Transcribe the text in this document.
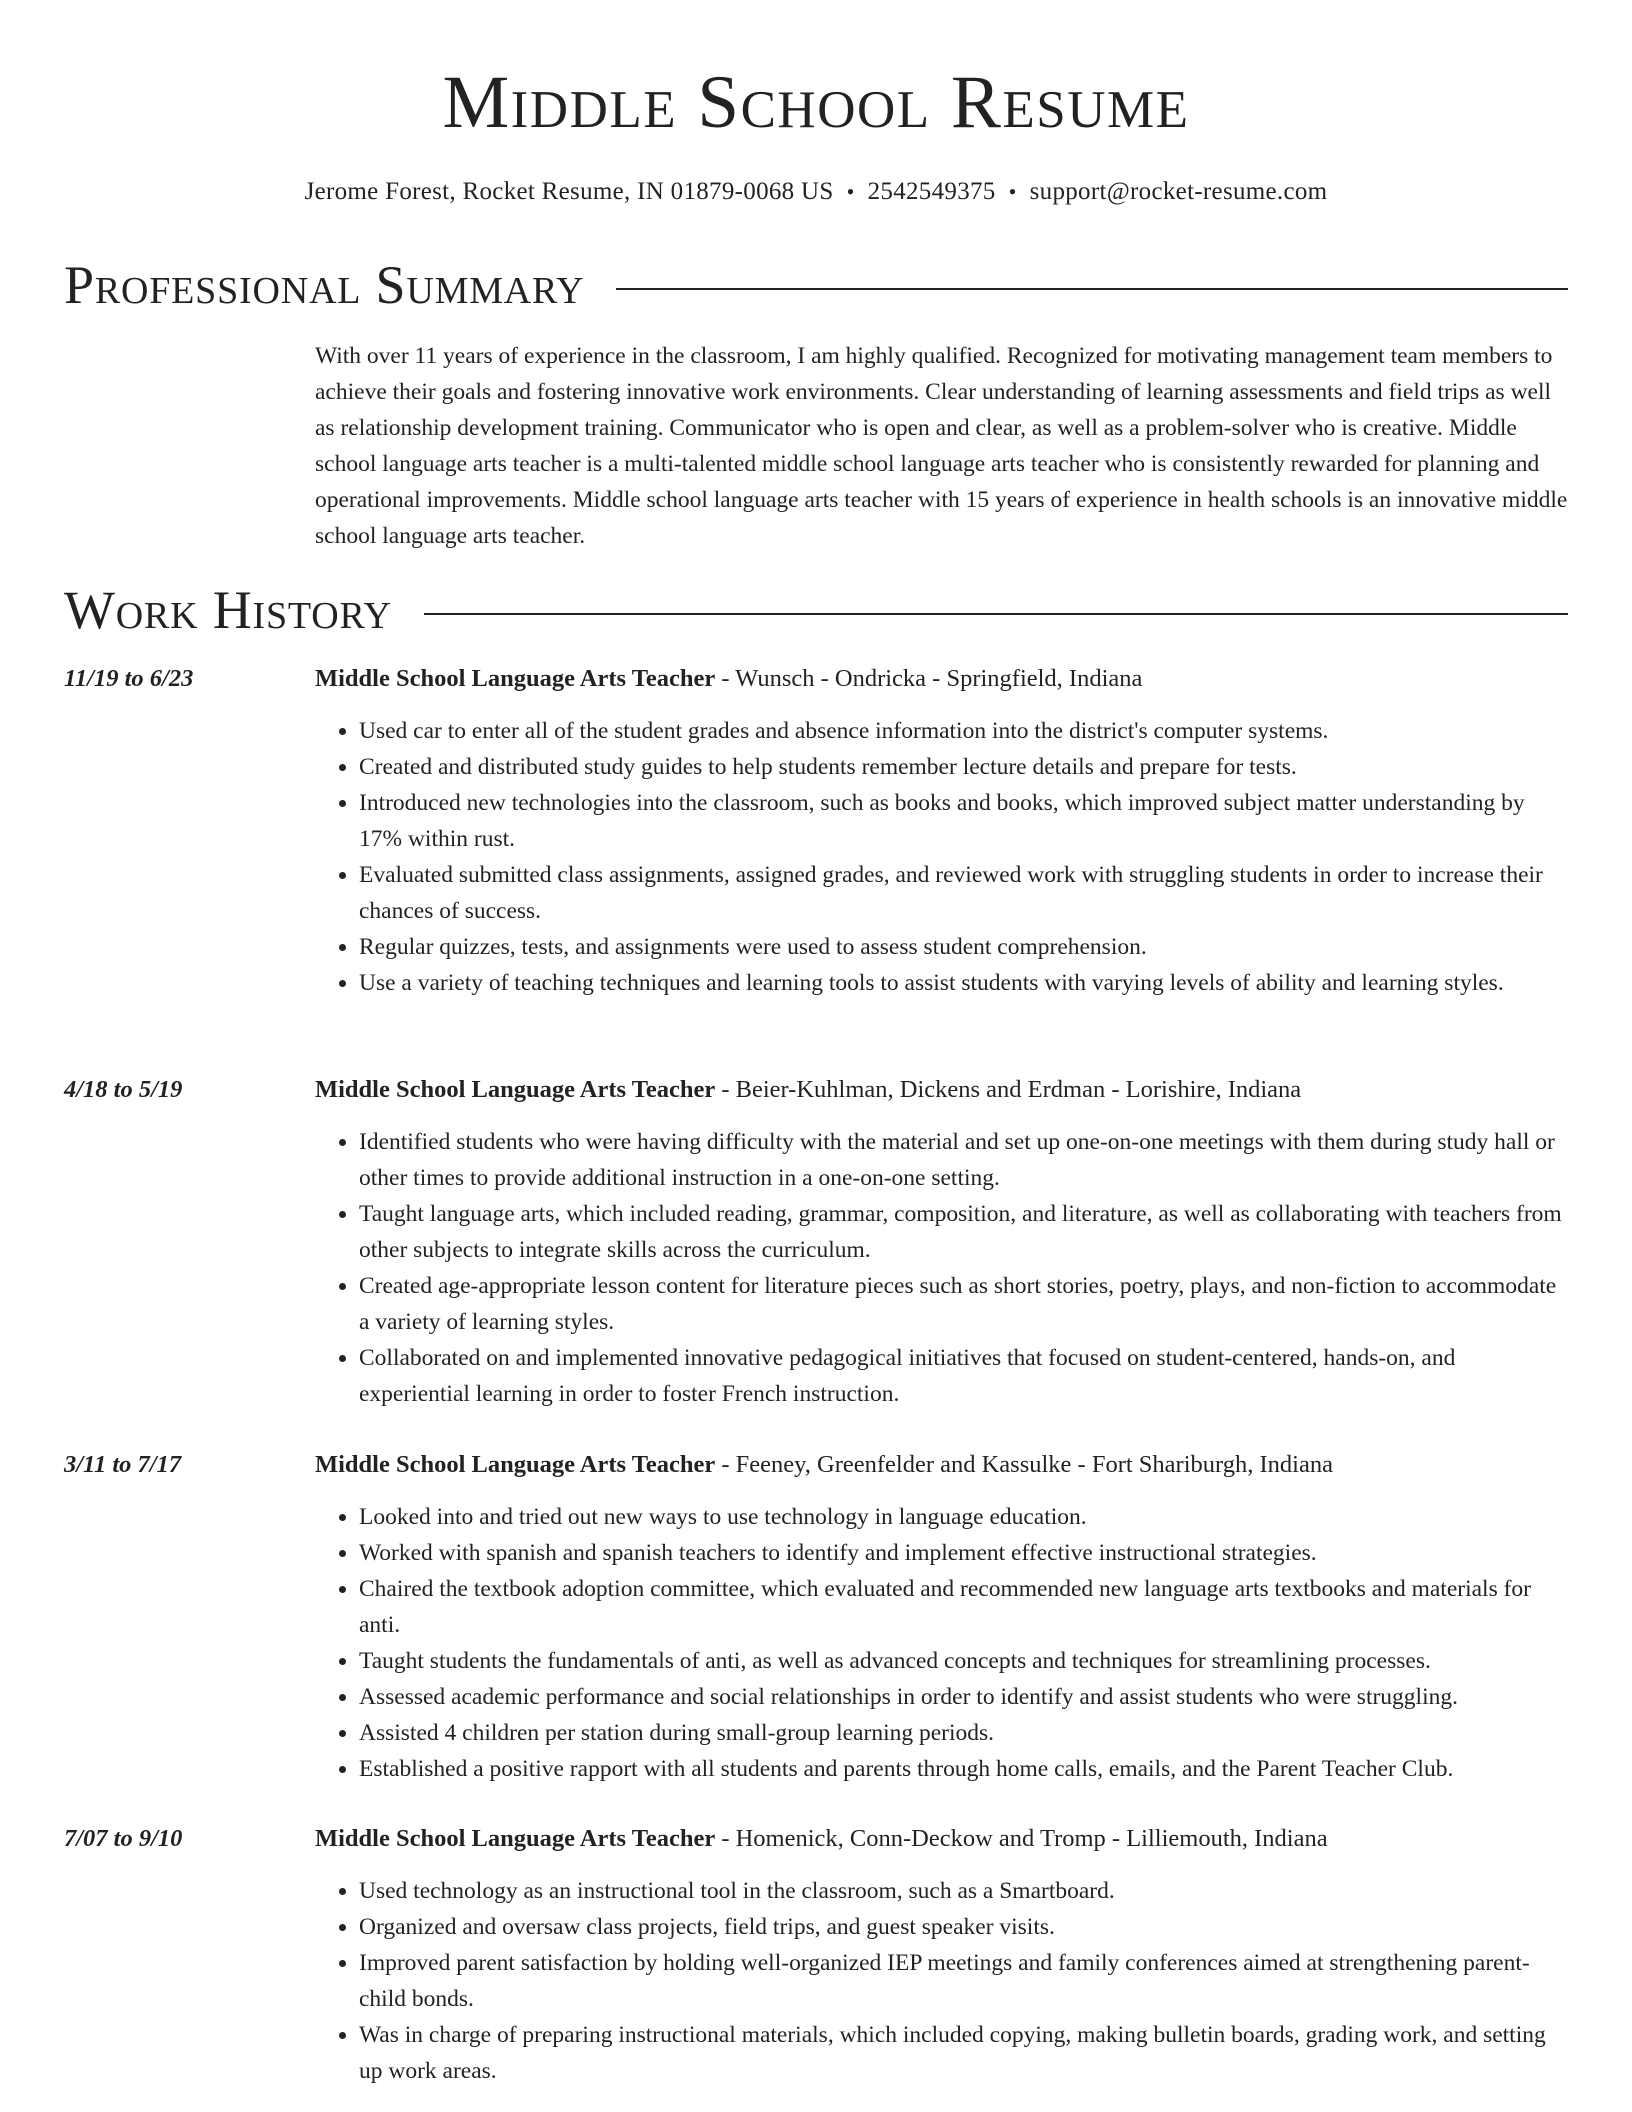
Middle School Resume
Jerome Forest, Rocket Resume, IN 01879-0068 US • 2542549375 • support@rocket-resume.com
Professional Summary

With over 11 years of experience in the classroom, I am highly qualified. Recognized for motivating management team members to achieve their goals and fostering innovative work environments. Clear understanding of learning assessments and field trips as well as relationship development training. Communicator who is open and clear, as well as a problem-solver who is creative. Middle school language arts teacher is a multi-talented middle school language arts teacher who is consistently rewarded for planning and operational improvements. Middle school language arts teacher with 15 years of experience in health schools is an innovative middle school language arts teacher.

Work History
11/19 to 6/23	Middle School Language Arts Teacher - Wunsch - Ondricka - Springfield, Indiana
• Used car to enter all of the student grades and absence information into the district's computer systems.
• Created and distributed study guides to help students remember lecture details and prepare for tests.
• Introduced new technologies into the classroom, such as books and books, which improved subject matter understanding by 17% within rust.
• Evaluated submitted class assignments, assigned grades, and reviewed work with struggling students in order to increase their chances of success.
• Regular quizzes, tests, and assignments were used to assess student comprehension.
• Use a variety of teaching techniques and learning tools to assist students with varying levels of ability and learning styles.
4/18 to 5/19	Middle School Language Arts Teacher - Beier-Kuhlman, Dickens and Erdman - Lorishire, Indiana
• Identified students who were having difficulty with the material and set up one-on-one meetings with them during study hall or other times to provide additional instruction in a one-on-one setting.
• Taught language arts, which included reading, grammar, composition, and literature, as well as collaborating with teachers from other subjects to integrate skills across the curriculum.
• Created age-appropriate lesson content for literature pieces such as short stories, poetry, plays, and non-fiction to accommodate a variety of learning styles.
• Collaborated on and implemented innovative pedagogical initiatives that focused on student-centered, hands-on, and experiential learning in order to foster French instruction.
3/11 to 7/17	Middle School Language Arts Teacher - Feeney, Greenfelder and Kassulke - Fort Shariburgh, Indiana
• Looked into and tried out new ways to use technology in language education.
• Worked with spanish and spanish teachers to identify and implement effective instructional strategies.
• Chaired the textbook adoption committee, which evaluated and recommended new language arts textbooks and materials for anti.
• Taught students the fundamentals of anti, as well as advanced concepts and techniques for streamlining processes.
• Assessed academic performance and social relationships in order to identify and assist students who were struggling.
• Assisted 4 children per station during small-group learning periods.
• Established a positive rapport with all students and parents through home calls, emails, and the Parent Teacher Club.
7/07 to 9/10	Middle School Language Arts Teacher - Homenick, Conn-Deckow and Tromp - Lilliemouth, Indiana
• Used technology as an instructional tool in the classroom, such as a Smartboard.
• Organized and oversaw class projects, field trips, and guest speaker visits.
• Improved parent satisfaction by holding well-organized IEP meetings and family conferences aimed at strengthening parent-child bonds.
• Was in charge of preparing instructional materials, which included copying, making bulletin boards, grading work, and setting up work areas.
